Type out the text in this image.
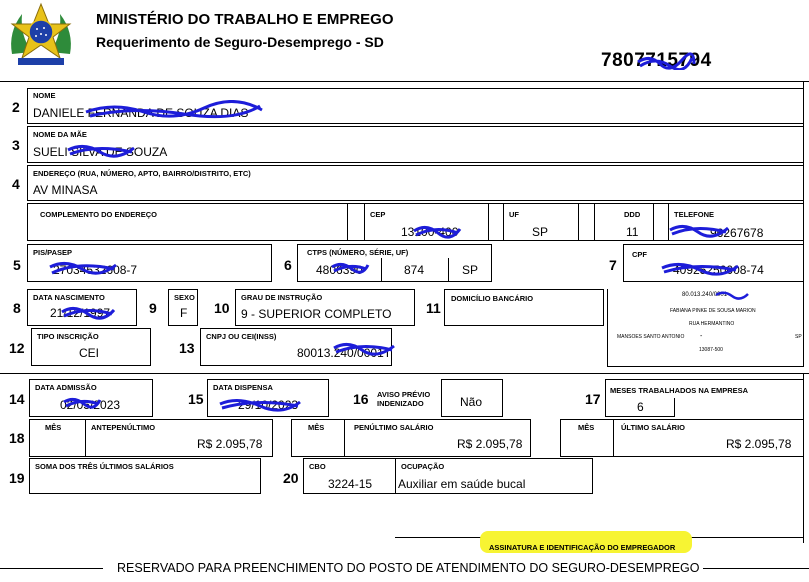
MINISTÉRIO DO TRABALHO E EMPREGO
Requerimento de Seguro-Desemprego - SD
7807715794
2
NOME
DANIELE FERNANDA DE SOUZA DIAS
3
NOME DA MÃE
SUELI SILVA DE SOUZA
4
ENDEREÇO (RUA, NÚMERO, APTO, BAIRRO/DISTRITO, ETC)
AV MINASA
COMPLEMENTO DO ENDEREÇO	CEP
13100-400
UF
SP
DDD
11
TELEFONE
96267678
5
PIS/PASEP
27034532608-7	6
CTPS (NÚMERO, SÉRIE, UF)
4806390	874	SP	7
CPF
40925250008-74
8
DATA NASCIMENTO
21/12/1997	9
SEXO
F 10
GRAU DE INSTRUÇÃO
9 - SUPERIOR COMPLETO 11
DOMICÍLIO BANCÁRIO	80.013.240/0001-
FABIANA PINKE DE SOUSA MARION
RUA HERMANTINO
MANSOES SANTO ANTONIO -	SP
13087-500
12
TIPO INSCRIÇÃO
CEI	13
CNPJ OU CEI(INSS)
80013.240/0001T
14
DATA ADMISSÃO
02/05/2023	15
DATA DISPENSA
29/10/2023	16 AVISO PRÉVIO INDENIZADO	Não	17
MESES TRABALHADOS NA EMPRESA
6
18
MÊS	ANTEPENÚLTIMO
R$ 2.095,78
MÊS	PENÚLTIMO SALÁRIO
R$ 2.095,78
MÊS	ÚLTIMO SALÁRIO
R$ 2.095,78
19
SOMA DOS TRÊS ÚLTIMOS SALÁRIOS
20
CBO
3224-15
OCUPAÇÃO
Auxiliar em saúde bucal
ASSINATURA E IDENTIFICAÇÃO DO EMPREGADOR
RESERVADO PARA PREENCHIMENTO DO POSTO DE ATENDIMENTO DO SEGURO-DESEMPREGO
